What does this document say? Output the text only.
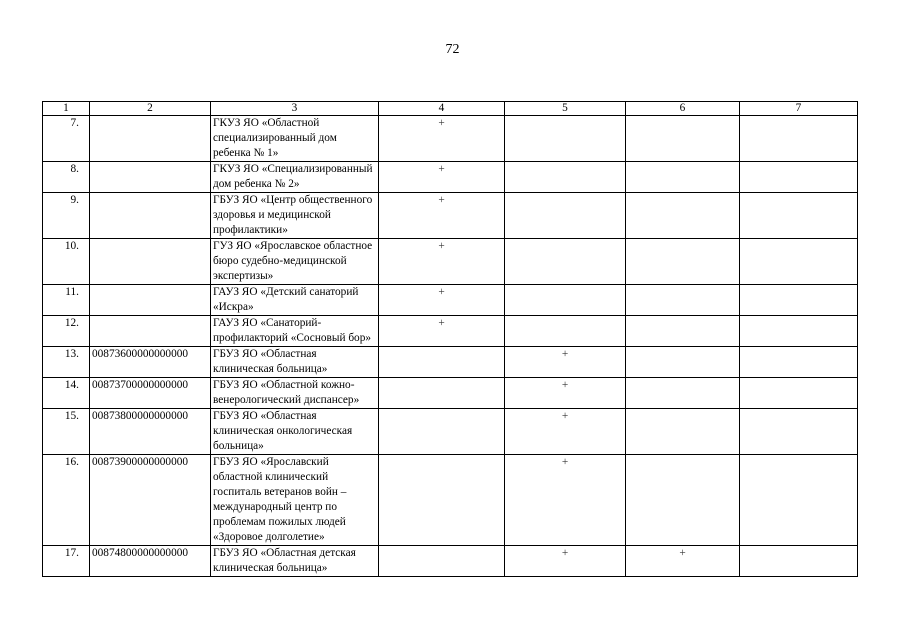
72
1	2	3	4	5	6	7
7.		ГКУЗ ЯО «Областной специализированный дом ребенка № 1»	+			
8.		ГКУЗ ЯО «Специализированный дом ребенка № 2»	+			
9.		ГБУЗ ЯО «Центр общественного здоровья и медицинской профилактики»	+			
10.		ГУЗ ЯО «Ярославское областное бюро судебно-медицинской экспертизы»	+			
11.		ГАУЗ ЯО «Детский санаторий «Искра»	+			
12.		ГАУЗ ЯО «Санаторий-профилакторий «Сосновый бор»	+			
13.	00873600000000000	ГБУЗ ЯО «Областная клиническая больница»		+		
14.	00873700000000000	ГБУЗ ЯО «Областной кожно-венерологический диспансер»		+		
15.	00873800000000000	ГБУЗ ЯО «Областная клиническая онкологическая больница»		+		
16.	00873900000000000	ГБУЗ ЯО «Ярославский областной клинический госпиталь ветеранов войн – международный центр по проблемам пожилых людей «Здоровое долголетие»		+		
17.	00874800000000000	ГБУЗ ЯО «Областная детская клиническая больница»		+	+	
